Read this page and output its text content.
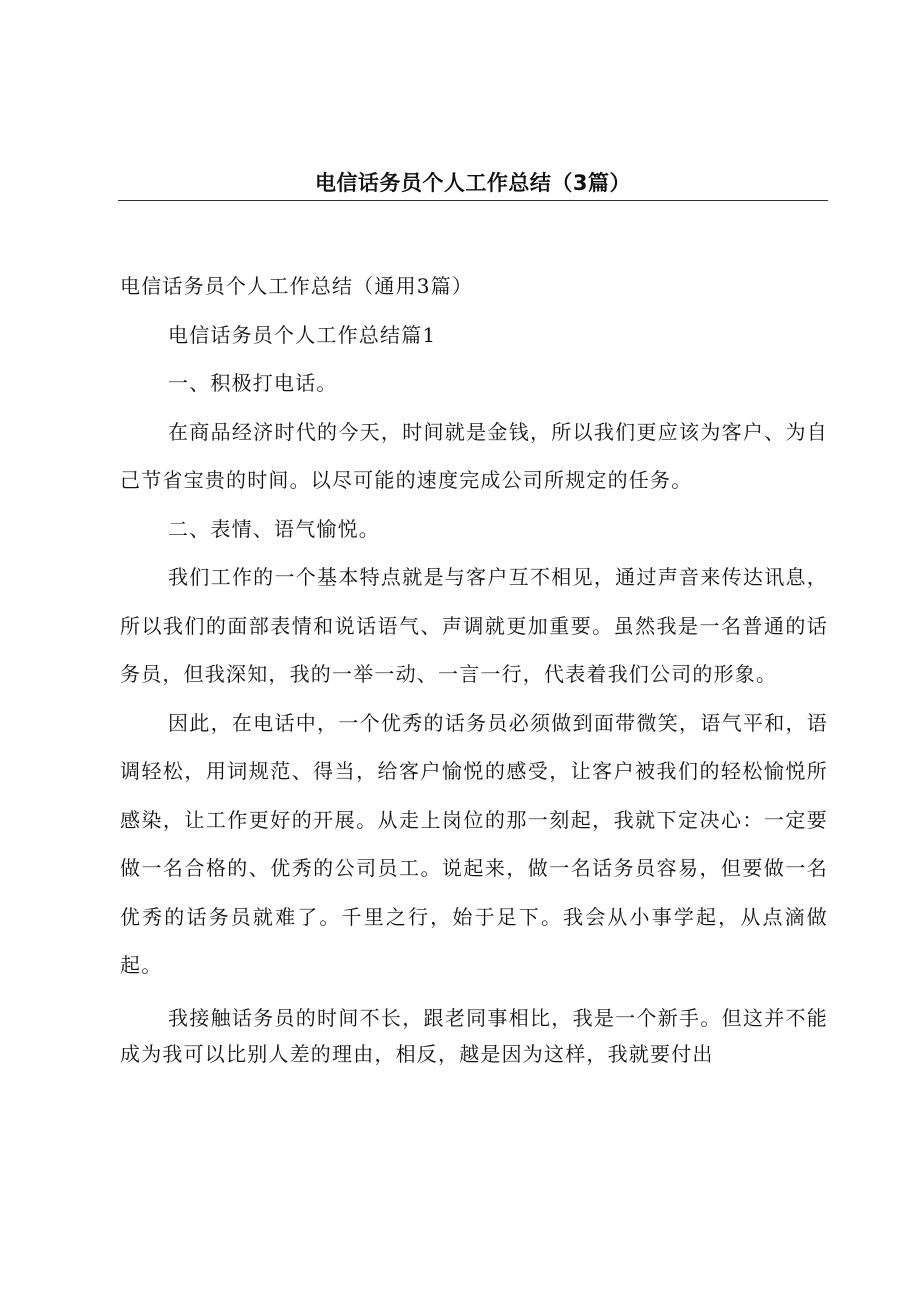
电信话务员个人工作总结（3篇）

电信话务员个人工作总结（通用3篇）

电信话务员个人工作总结篇1

一、积极打电话。

在商品经济时代的今天，时间就是金钱，所以我们更应该为客户、为自己节省宝贵的时间。以尽可能的速度完成公司所规定的任务。

二、表情、语气愉悦。

我们工作的一个基本特点就是与客户互不相见，通过声音来传达讯息，所以我们的面部表情和说话语气、声调就更加重要。虽然我是一名普通的话务员，但我深知，我的一举一动、一言一行，代表着我们公司的形象。

因此，在电话中，一个优秀的话务员必须做到面带微笑，语气平和，语调轻松，用词规范、得当，给客户愉悦的感受，让客户被我们的轻松愉悦所感染，让工作更好的开展。从走上岗位的那一刻起，我就下定决心：一定要做一名合格的、优秀的公司员工。说起来，做一名话务员容易，但要做一名优秀的话务员就难了。千里之行，始于足下。我会从小事学起，从点滴做起。

我接触话务员的时间不长，跟老同事相比，我是一个新手。但这并不能成为我可以比别人差的理由，相反，越是因为这样，我就要付出
